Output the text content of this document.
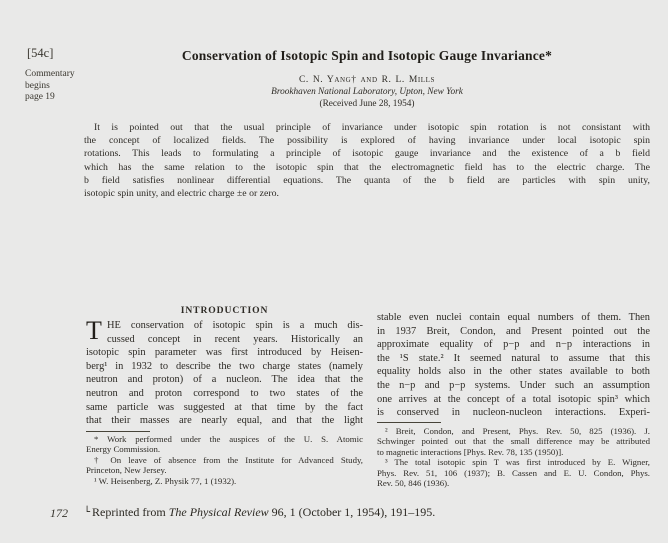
[54c]
Commentary
begins
page 19
Conservation of Isotopic Spin and Isotopic Gauge Invariance*
C. N. Yang† and R. L. Mills
Brookhaven National Laboratory, Upton, New York
(Received June 28, 1954)
It is pointed out that the usual principle of invariance under isotopic spin rotation is not consistant with
the concept of localized fields. The possibility is explored of having invariance under local isotopic spin
rotations. This leads to formulating a principle of isotopic gauge invariance and the existence of a b field
which has the same relation to the isotopic spin that the electromagnetic field has to the electric charge. The
b field satisfies nonlinear differential equations. The quanta of the b field are particles with spin unity,
isotopic spin unity, and electric charge ±e or zero.
INTRODUCTION
T HE conservation of isotopic spin is a much dis-
cussed concept in recent years. Historically an
isotopic spin parameter was first introduced by Heisen-
berg¹ in 1932 to describe the two charge states (namely
neutron and proton) of a nucleon. The idea that the
neutron and proton correspond to two states of the
same particle was suggested at that time by the fact
that their masses are nearly equal, and that the light
stable even nuclei contain equal numbers of them. Then
in 1937 Breit, Condon, and Present pointed out the
approximate equality of p−p and n−p interactions in
the ¹S state.² It seemed natural to assume that this
equality holds also in the other states available to both
the n−p and p−p systems. Under such an assumption
one arrives at the concept of a total isotopic spin³ which
is conserved in nucleon-nucleon interactions. Experi-
* Work performed under the auspices of the U. S. Atomic
Energy Commission.
† On leave of absence from the Institute for Advanced Study,
Princeton, New Jersey.
¹ W. Heisenberg, Z. Physik 77, 1 (1932).
² Breit, Condon, and Present, Phys. Rev. 50, 825 (1936). J.
Schwinger pointed out that the small difference may be attributed
to magnetic interactions [Phys. Rev. 78, 135 (1950)].
³ The total isotopic spin T was first introduced by E. Wigner,
Phys. Rev. 51, 106 (1937); B. Cassen and E. U. Condon, Phys.
Rev. 50, 846 (1936).
172 └ Reprinted from The Physical Review 96, 1 (October 1, 1954), 191–195.
